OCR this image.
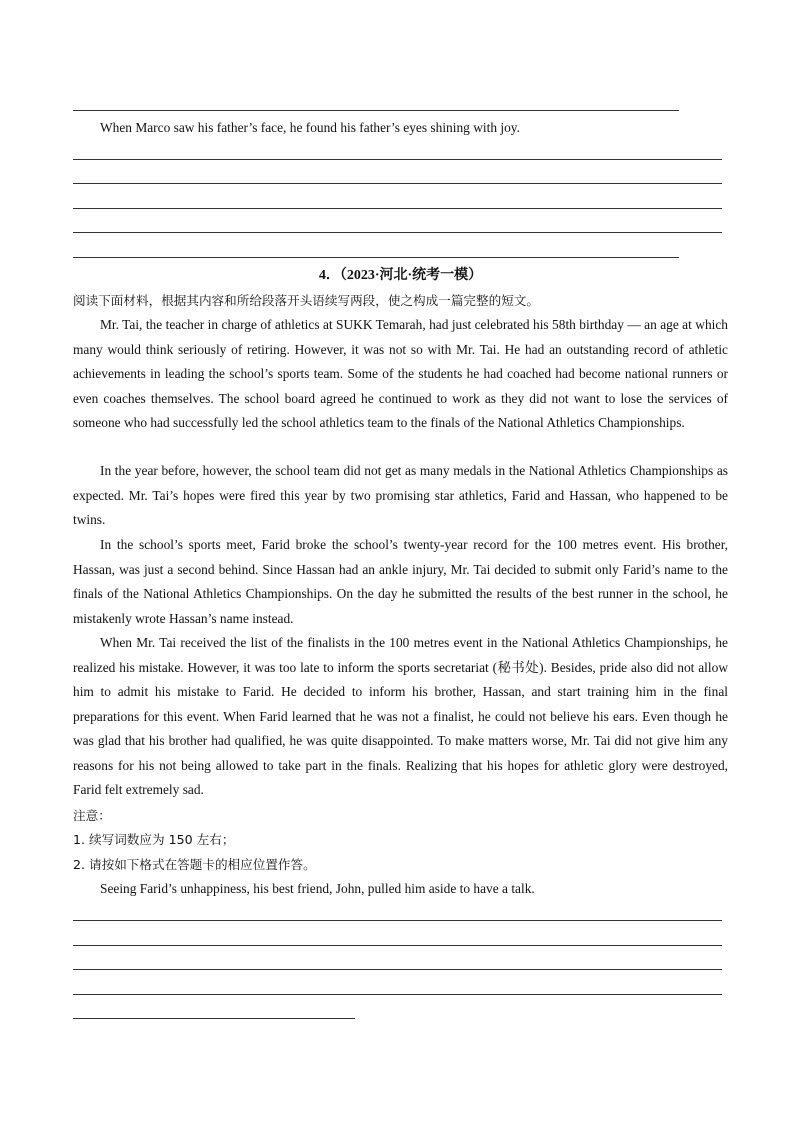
When Marco saw his father’s face, he found his father’s eyes shining with joy.
4．（2023·河北·统考一模）
阅读下面材料，根据其内容和所给段落开头语续写两段，使之构成一篇完整的短文。

Mr. Tai, the teacher in charge of athletics at SUKK Temarah, had just celebrated his 58th birthday — an age at which many would think seriously of retiring. However, it was not so with Mr. Tai. He had an outstanding record of athletic achievements in leading the school’s sports team. Some of the students he had coached had become national runners or even coaches themselves. The school board agreed he continued to work as they did not want to lose the services of someone who had successfully led the school athletics team to the finals of the National Athletics Championships.

In the year before, however, the school team did not get as many medals in the National Athletics Championships as expected. Mr. Tai’s hopes were fired this year by two promising star athletics, Farid and Hassan, who happened to be twins.

In the school’s sports meet, Farid broke the school’s twenty-year record for the 100 metres event. His brother, Hassan, was just a second behind. Since Hassan had an ankle injury, Mr. Tai decided to submit only Farid’s name to the finals of the National Athletics Championships. On the day he submitted the results of the best runner in the school, he mistakenly wrote Hassan’s name instead.

When Mr. Tai received the list of the finalists in the 100 metres event in the National Athletics Championships, he realized his mistake. However, it was too late to inform the sports secretariat (秘书处). Besides, pride also did not allow him to admit his mistake to Farid. He decided to inform his brother, Hassan, and start training him in the final preparations for this event. When Farid learned that he was not a finalist, he could not believe his ears. Even though he was glad that his brother had qualified, he was quite disappointed. To make matters worse, Mr. Tai did not give him any reasons for his not being allowed to take part in the finals. Realizing that his hopes for athletic glory were destroyed, Farid felt extremely sad.

注意：
1. 续写词数应为 150 左右；
2. 请按如下格式在答题卡的相应位置作答。
Seeing Farid’s unhappiness, his best friend, John, pulled him aside to have a talk.
